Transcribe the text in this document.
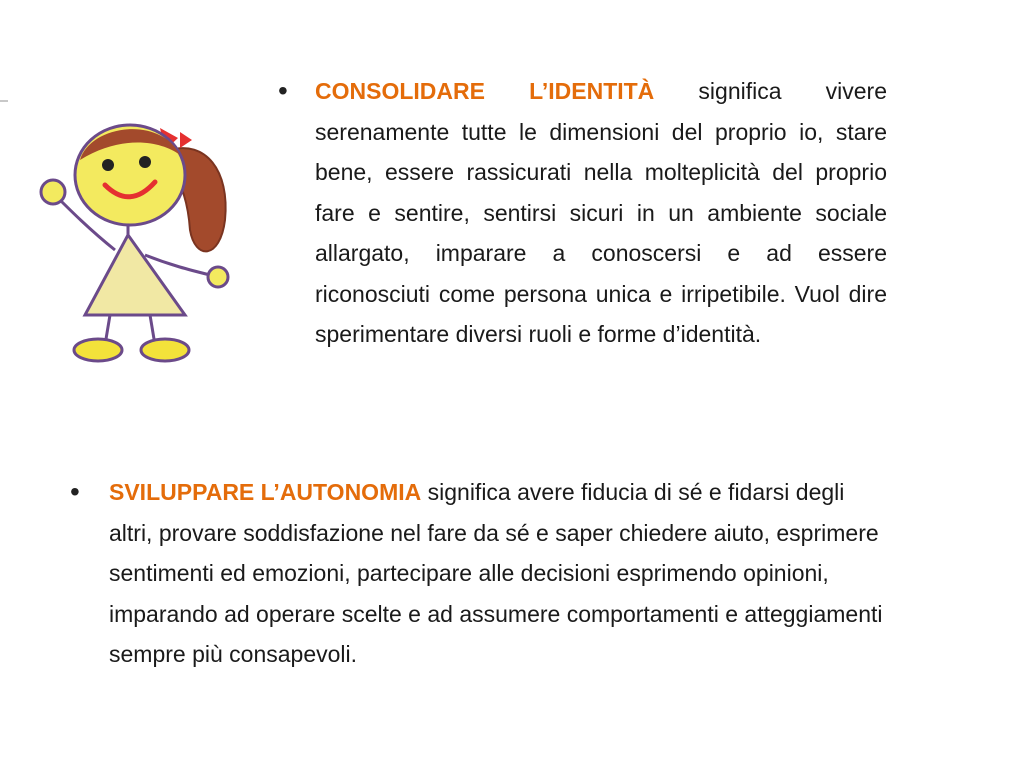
• CONSOLIDARE L’IDENTITÀ significa vivere serenamente tutte le dimensioni del proprio io, stare bene, essere rassicurati nella molteplicità del proprio fare e sentire, sentirsi sicuri in un ambiente sociale allargato, imparare a conoscersi e ad essere riconosciuti come persona unica e irripetibile. Vuol dire sperimentare diversi ruoli e forme d’identità.

• SVILUPPARE L’AUTONOMIA significa avere fiducia di sé e fidarsi degli altri, provare soddisfazione nel fare da sé e saper chiedere aiuto, esprimere sentimenti ed emozioni, partecipare alle decisioni esprimendo opinioni, imparando ad operare scelte e ad assumere comportamenti e atteggiamenti sempre più consapevoli.
